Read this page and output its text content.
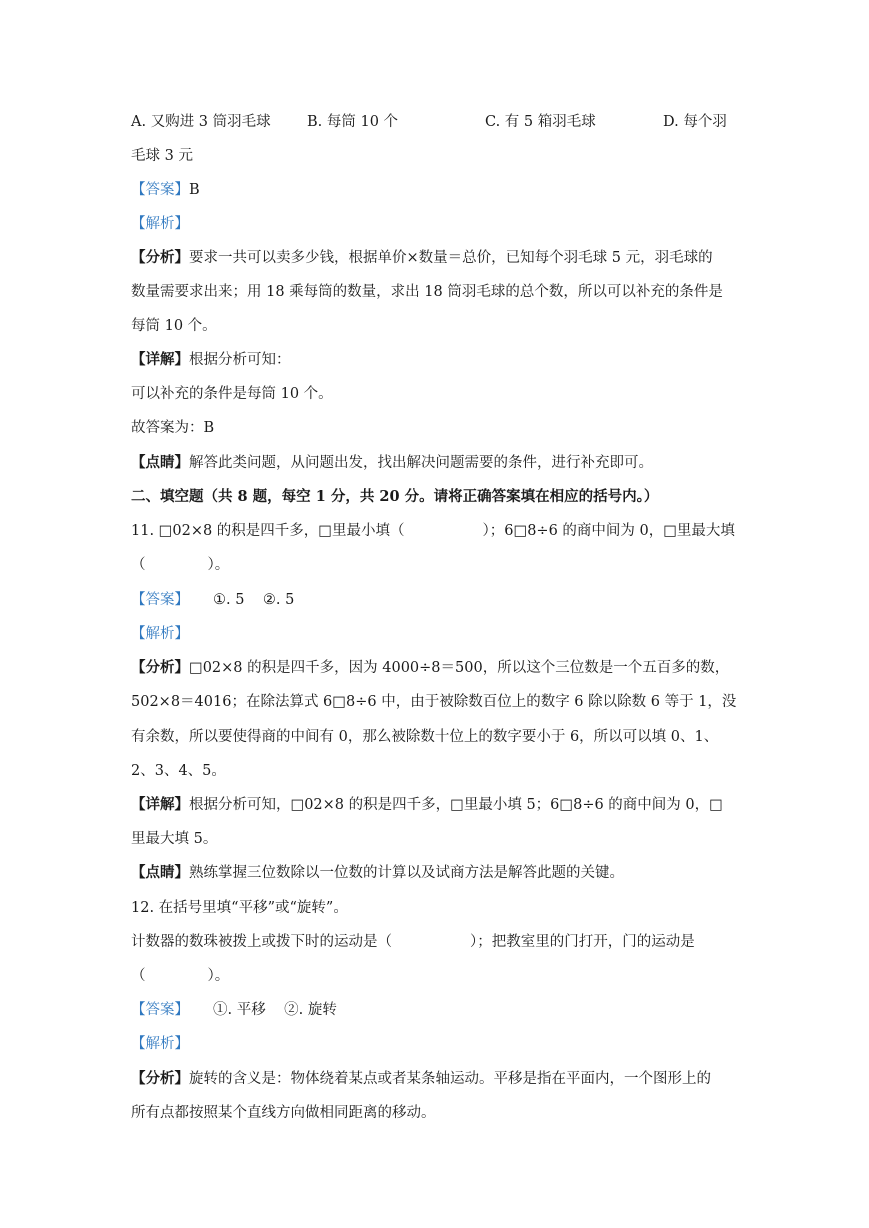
A. 又购进 3 筒羽毛球	B. 每筒 10 个	C. 有 5 箱羽毛球	D. 每个羽
毛球 3 元
【答案】B
【解析】
【分析】要求一共可以卖多少钱，根据单价×数量＝总价，已知每个羽毛球 5 元，羽毛球的
数量需要求出来；用 18 乘每筒的数量，求出 18 筒羽毛球的总个数，所以可以补充的条件是
每筒 10 个。
【详解】根据分析可知：
可以补充的条件是每筒 10 个。
故答案为：B
【点睛】解答此类问题，从问题出发，找出解决问题需要的条件，进行补充即可。
二、填空题（共 8 题，每空 1 分，共 20 分。请将正确答案填在相应的括号内。）
11. □02×8 的积是四千多，□里最小填（	）；6□8÷6 的商中间为 0，□里最大填
（	）。
【答案】 ①. 5    ②. 5
【解析】
【分析】□02×8 的积是四千多，因为 4000÷8＝500，所以这个三位数是一个五百多的数，
502×8＝4016；在除法算式 6□8÷6 中，由于被除数百位上的数字 6 除以除数 6 等于 1，没
有余数，所以要使得商的中间有 0，那么被除数十位上的数字要小于 6，所以可以填 0、1、
2、3、4、5。
【详解】根据分析可知，□02×8 的积是四千多，□里最小填 5；6□8÷6 的商中间为 0，□
里最大填 5。
【点睛】熟练掌握三位数除以一位数的计算以及试商方法是解答此题的关键。
12. 在括号里填“平移”或“旋转”。
计数器的数珠被拨上或拨下时的运动是（	）；把教室里的门打开，门的运动是
（	）。
【答案】 ①. 平移    ②. 旋转
【解析】
【分析】旋转的含义是：物体绕着某点或者某条轴运动。平移是指在平面内，一个图形上的
所有点都按照某个直线方向做相同距离的移动。
